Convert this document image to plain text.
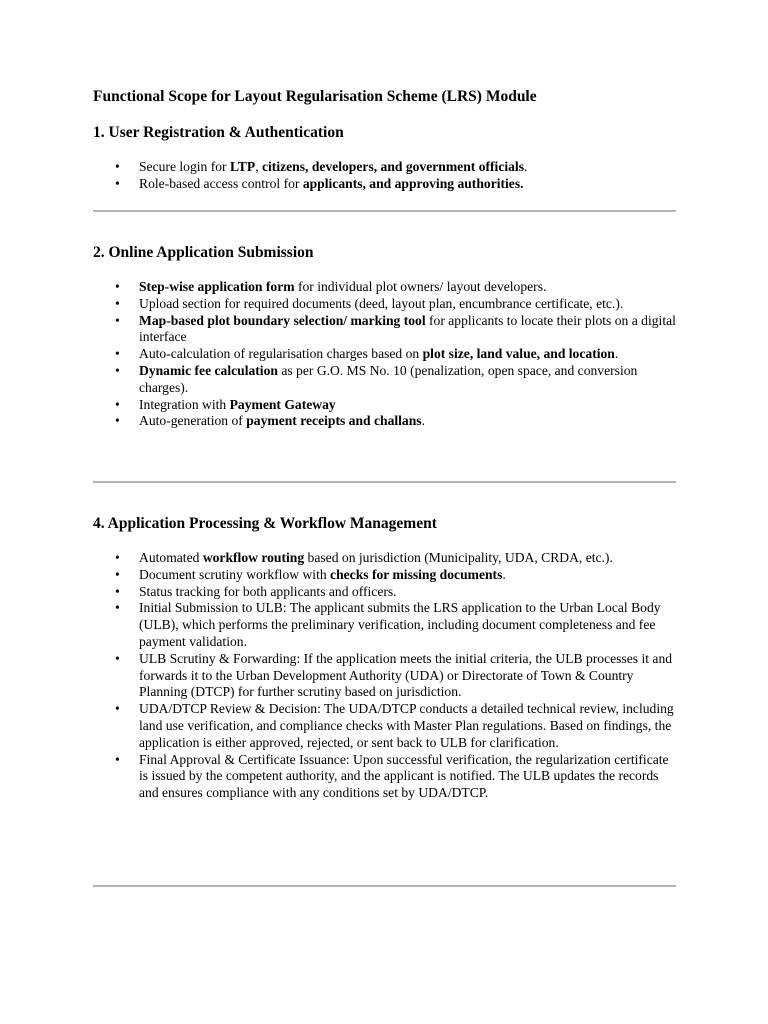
Functional Scope for Layout Regularisation Scheme (LRS) Module
1. User Registration & Authentication
• Secure login for LTP, citizens, developers, and government officials.
• Role-based access control for applicants, and approving authorities.
2. Online Application Submission
• Step-wise application form for individual plot owners/ layout developers.
• Upload section for required documents (deed, layout plan, encumbrance certificate, etc.).
• Map-based plot boundary selection/ marking tool for applicants to locate their plots on a digital interface
• Auto-calculation of regularisation charges based on plot size, land value, and location.
• Dynamic fee calculation as per G.O. MS No. 10 (penalization, open space, and conversion charges).
• Integration with Payment Gateway
• Auto-generation of payment receipts and challans.
4. Application Processing & Workflow Management
• Automated workflow routing based on jurisdiction (Municipality, UDA, CRDA, etc.).
• Document scrutiny workflow with checks for missing documents.
• Status tracking for both applicants and officers.
• Initial Submission to ULB: The applicant submits the LRS application to the Urban Local Body (ULB), which performs the preliminary verification, including document completeness and fee payment validation.
• ULB Scrutiny & Forwarding: If the application meets the initial criteria, the ULB processes it and forwards it to the Urban Development Authority (UDA) or Directorate of Town & Country Planning (DTCP) for further scrutiny based on jurisdiction.
• UDA/DTCP Review & Decision: The UDA/DTCP conducts a detailed technical review, including land use verification, and compliance checks with Master Plan regulations. Based on findings, the application is either approved, rejected, or sent back to ULB for clarification.
• Final Approval & Certificate Issuance: Upon successful verification, the regularization certificate is issued by the competent authority, and the applicant is notified. The ULB updates the records and ensures compliance with any conditions set by UDA/DTCP.
